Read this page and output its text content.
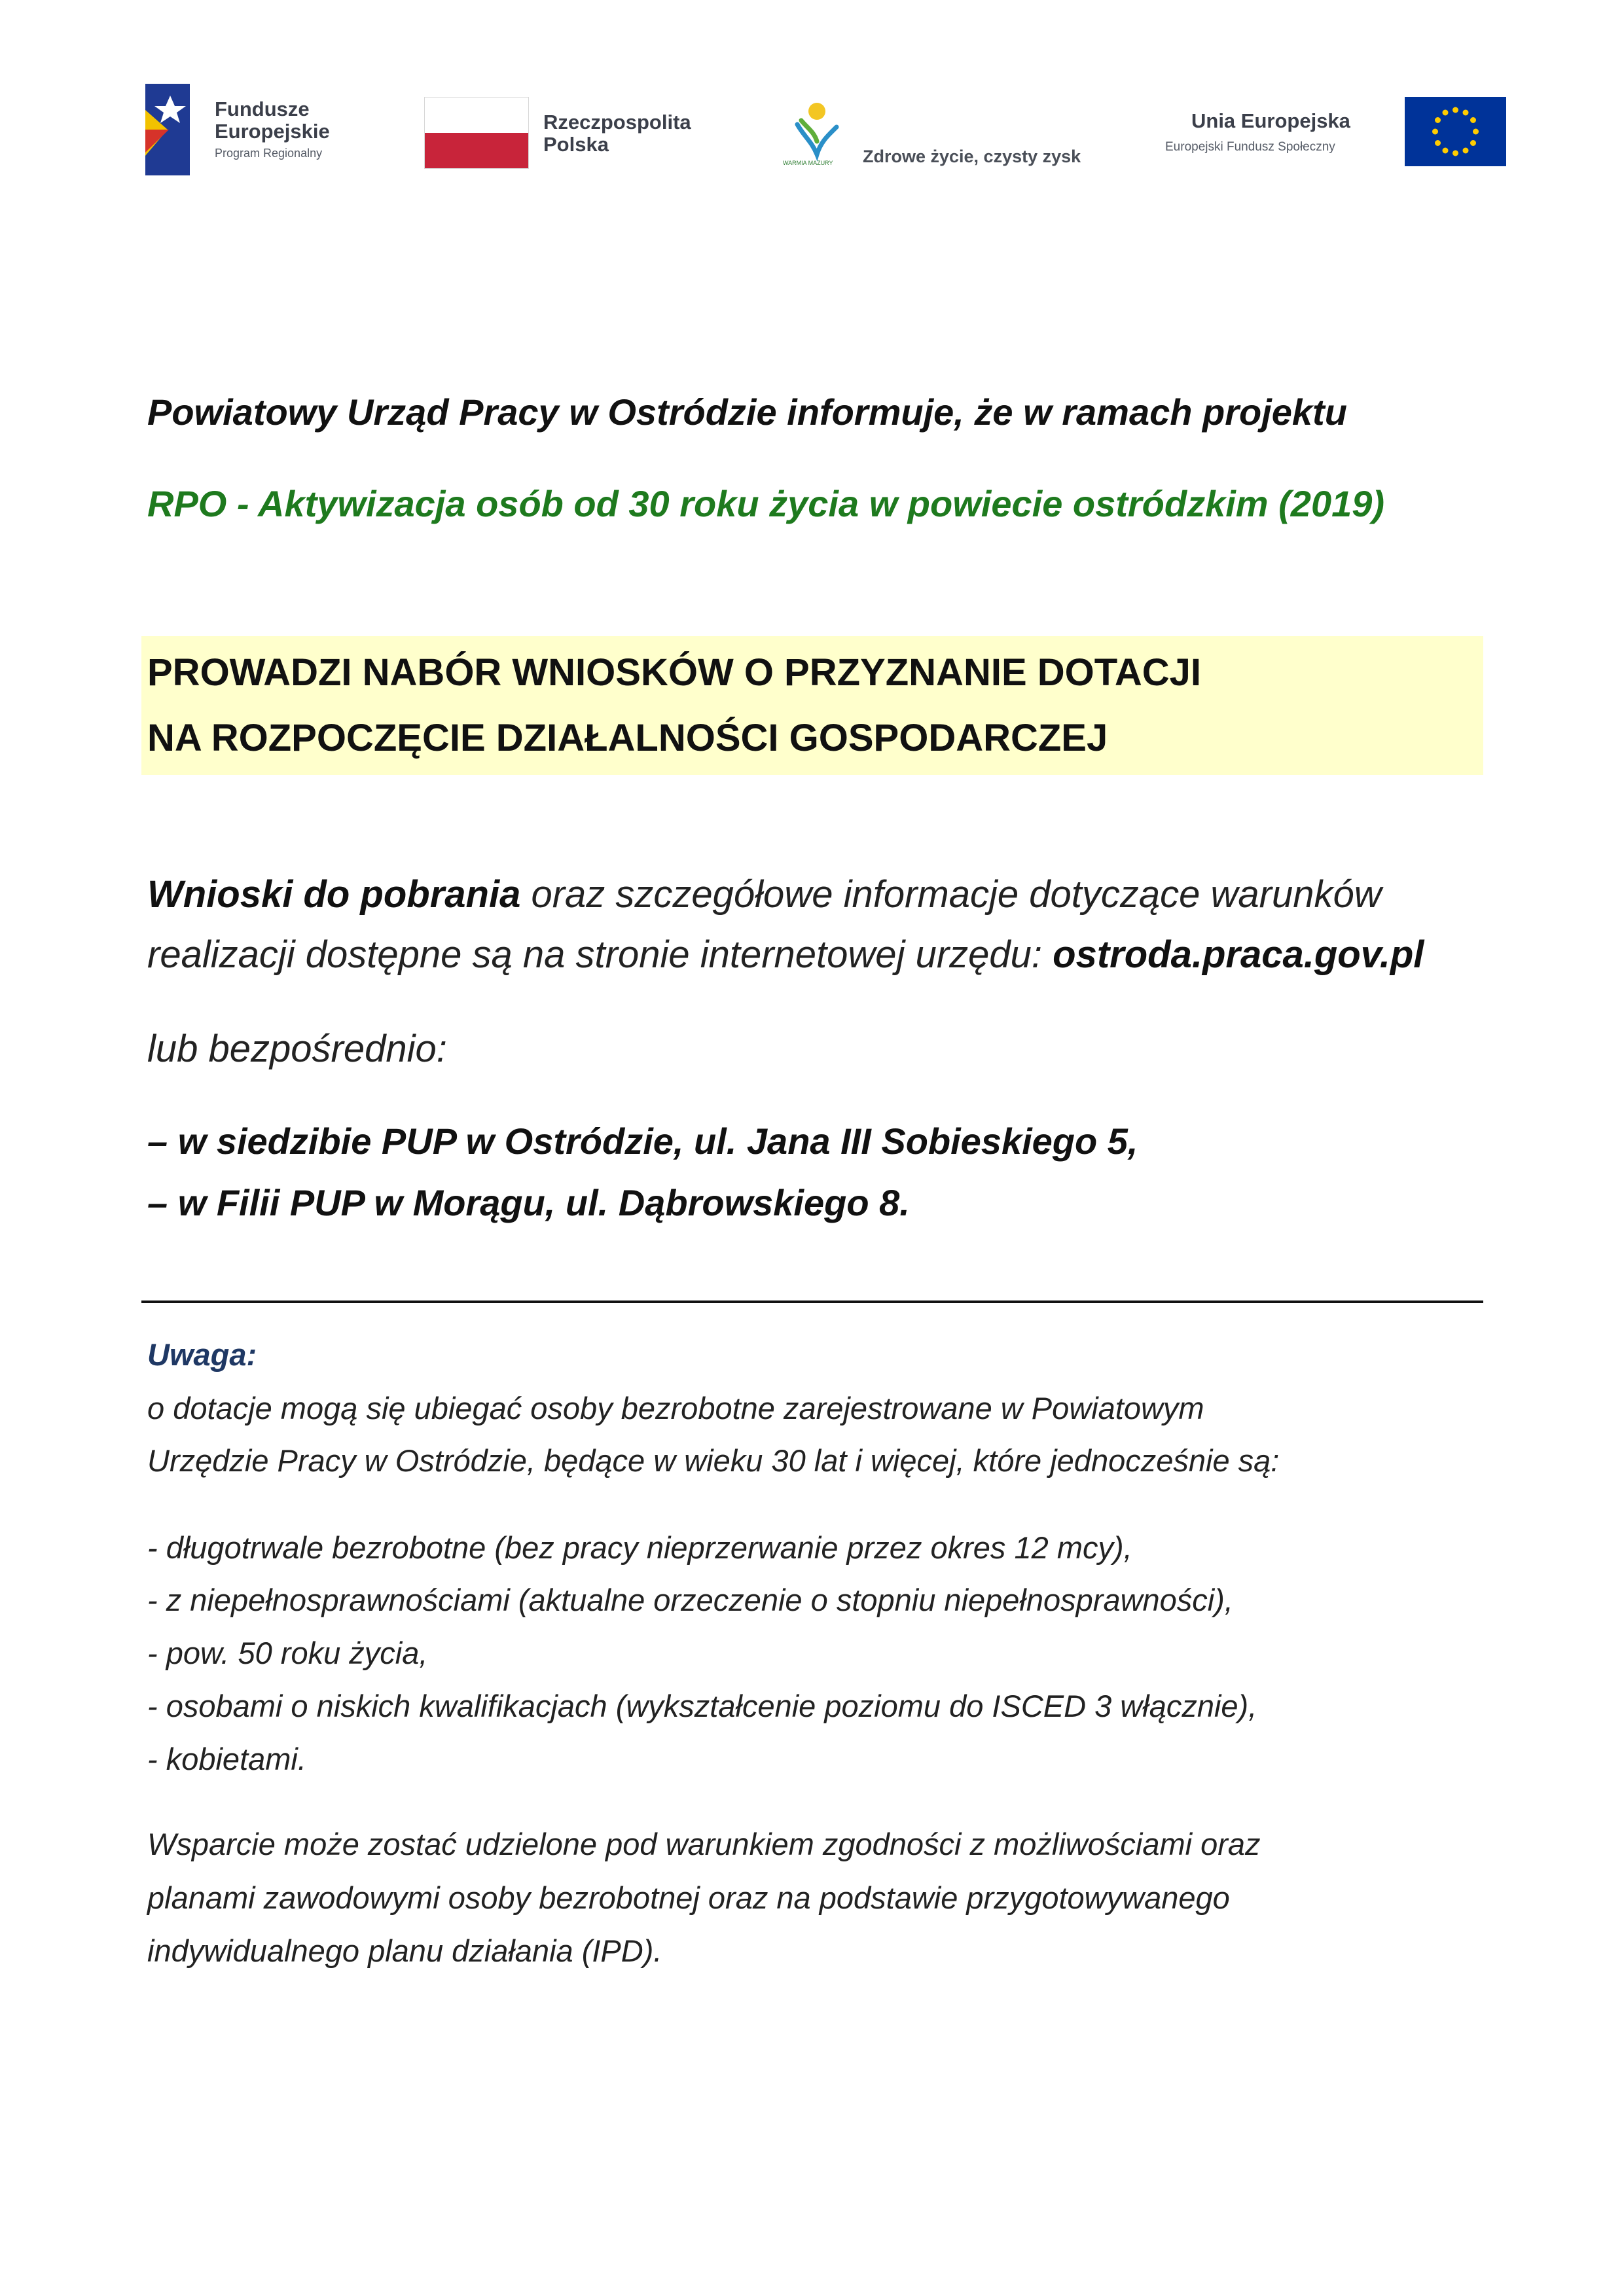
Fundusze
Europejskie
Program Regionalny
Rzeczpospolita
Polska
WARMIA MAZURY Zdrowe życie, czysty zysk
Unia Europejska
Europejski Fundusz Społeczny
Powiatowy Urząd Pracy w Ostródzie informuje, że w ramach projektu
RPO - Aktywizacja osób od 30 roku życia w powiecie ostródzkim (2019)
PROWADZI NABÓR WNIOSKÓW O PRZYZNANIE DOTACJI
NA ROZPOCZĘCIE DZIAŁALNOŚCI GOSPODARCZEJ
Wnioski do pobrania oraz szczegółowe informacje dotyczące warunków
realizacji dostępne są na stronie internetowej urzędu: ostroda.praca.gov.pl
lub bezpośrednio:
– w siedzibie PUP w Ostródzie, ul. Jana III Sobieskiego 5,
– w Filii PUP w Morągu, ul. Dąbrowskiego 8.
Uwaga:
o dotacje mogą się ubiegać osoby bezrobotne zarejestrowane w Powiatowym
Urzędzie Pracy w Ostródzie, będące w wieku 30 lat i więcej, które jednocześnie są:
- długotrwale bezrobotne (bez pracy nieprzerwanie przez okres 12 mcy),
- z niepełnosprawnościami (aktualne orzeczenie o stopniu niepełnosprawności),
- pow. 50 roku życia,
- osobami o niskich kwalifikacjach (wykształcenie poziomu do ISCED 3 włącznie),
- kobietami.
Wsparcie może zostać udzielone pod warunkiem zgodności z możliwościami oraz
planami zawodowymi osoby bezrobotnej oraz na podstawie przygotowywanego
indywidualnego planu działania (IPD).
